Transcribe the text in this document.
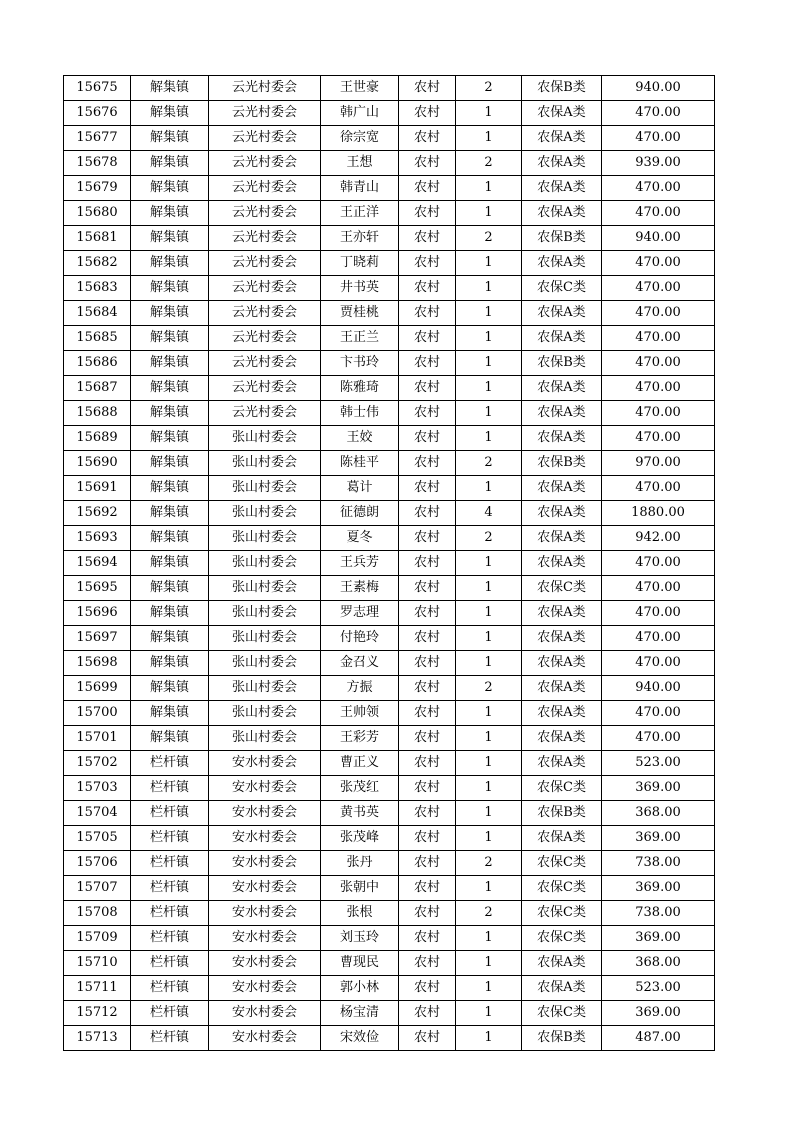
15675	解集镇	云光村委会	王世豪	农村	2	农保B类	940.00
15676	解集镇	云光村委会	韩广山	农村	1	农保A类	470.00
15677	解集镇	云光村委会	徐宗宽	农村	1	农保A类	470.00
15678	解集镇	云光村委会	王想	农村	2	农保A类	939.00
15679	解集镇	云光村委会	韩青山	农村	1	农保A类	470.00
15680	解集镇	云光村委会	王正洋	农村	1	农保A类	470.00
15681	解集镇	云光村委会	王亦轩	农村	2	农保B类	940.00
15682	解集镇	云光村委会	丁晓莉	农村	1	农保A类	470.00
15683	解集镇	云光村委会	井书英	农村	1	农保C类	470.00
15684	解集镇	云光村委会	贾桂桃	农村	1	农保A类	470.00
15685	解集镇	云光村委会	王正兰	农村	1	农保A类	470.00
15686	解集镇	云光村委会	卞书玲	农村	1	农保B类	470.00
15687	解集镇	云光村委会	陈雅琦	农村	1	农保A类	470.00
15688	解集镇	云光村委会	韩士伟	农村	1	农保A类	470.00
15689	解集镇	张山村委会	王姣	农村	1	农保A类	470.00
15690	解集镇	张山村委会	陈桂平	农村	2	农保B类	970.00
15691	解集镇	张山村委会	葛计	农村	1	农保A类	470.00
15692	解集镇	张山村委会	征德朗	农村	4	农保A类	1880.00
15693	解集镇	张山村委会	夏冬	农村	2	农保A类	942.00
15694	解集镇	张山村委会	王兵芳	农村	1	农保A类	470.00
15695	解集镇	张山村委会	王素梅	农村	1	农保C类	470.00
15696	解集镇	张山村委会	罗志理	农村	1	农保A类	470.00
15697	解集镇	张山村委会	付艳玲	农村	1	农保A类	470.00
15698	解集镇	张山村委会	金召义	农村	1	农保A类	470.00
15699	解集镇	张山村委会	方振	农村	2	农保A类	940.00
15700	解集镇	张山村委会	王帅领	农村	1	农保A类	470.00
15701	解集镇	张山村委会	王彩芳	农村	1	农保A类	470.00
15702	栏杆镇	安水村委会	曹正义	农村	1	农保A类	523.00
15703	栏杆镇	安水村委会	张茂红	农村	1	农保C类	369.00
15704	栏杆镇	安水村委会	黄书英	农村	1	农保B类	368.00
15705	栏杆镇	安水村委会	张茂峰	农村	1	农保A类	369.00
15706	栏杆镇	安水村委会	张丹	农村	2	农保C类	738.00
15707	栏杆镇	安水村委会	张朝中	农村	1	农保C类	369.00
15708	栏杆镇	安水村委会	张根	农村	2	农保C类	738.00
15709	栏杆镇	安水村委会	刘玉玲	农村	1	农保C类	369.00
15710	栏杆镇	安水村委会	曹现民	农村	1	农保A类	368.00
15711	栏杆镇	安水村委会	郭小林	农村	1	农保A类	523.00
15712	栏杆镇	安水村委会	杨宝清	农村	1	农保C类	369.00
15713	栏杆镇	安水村委会	宋效俭	农村	1	农保B类	487.00
